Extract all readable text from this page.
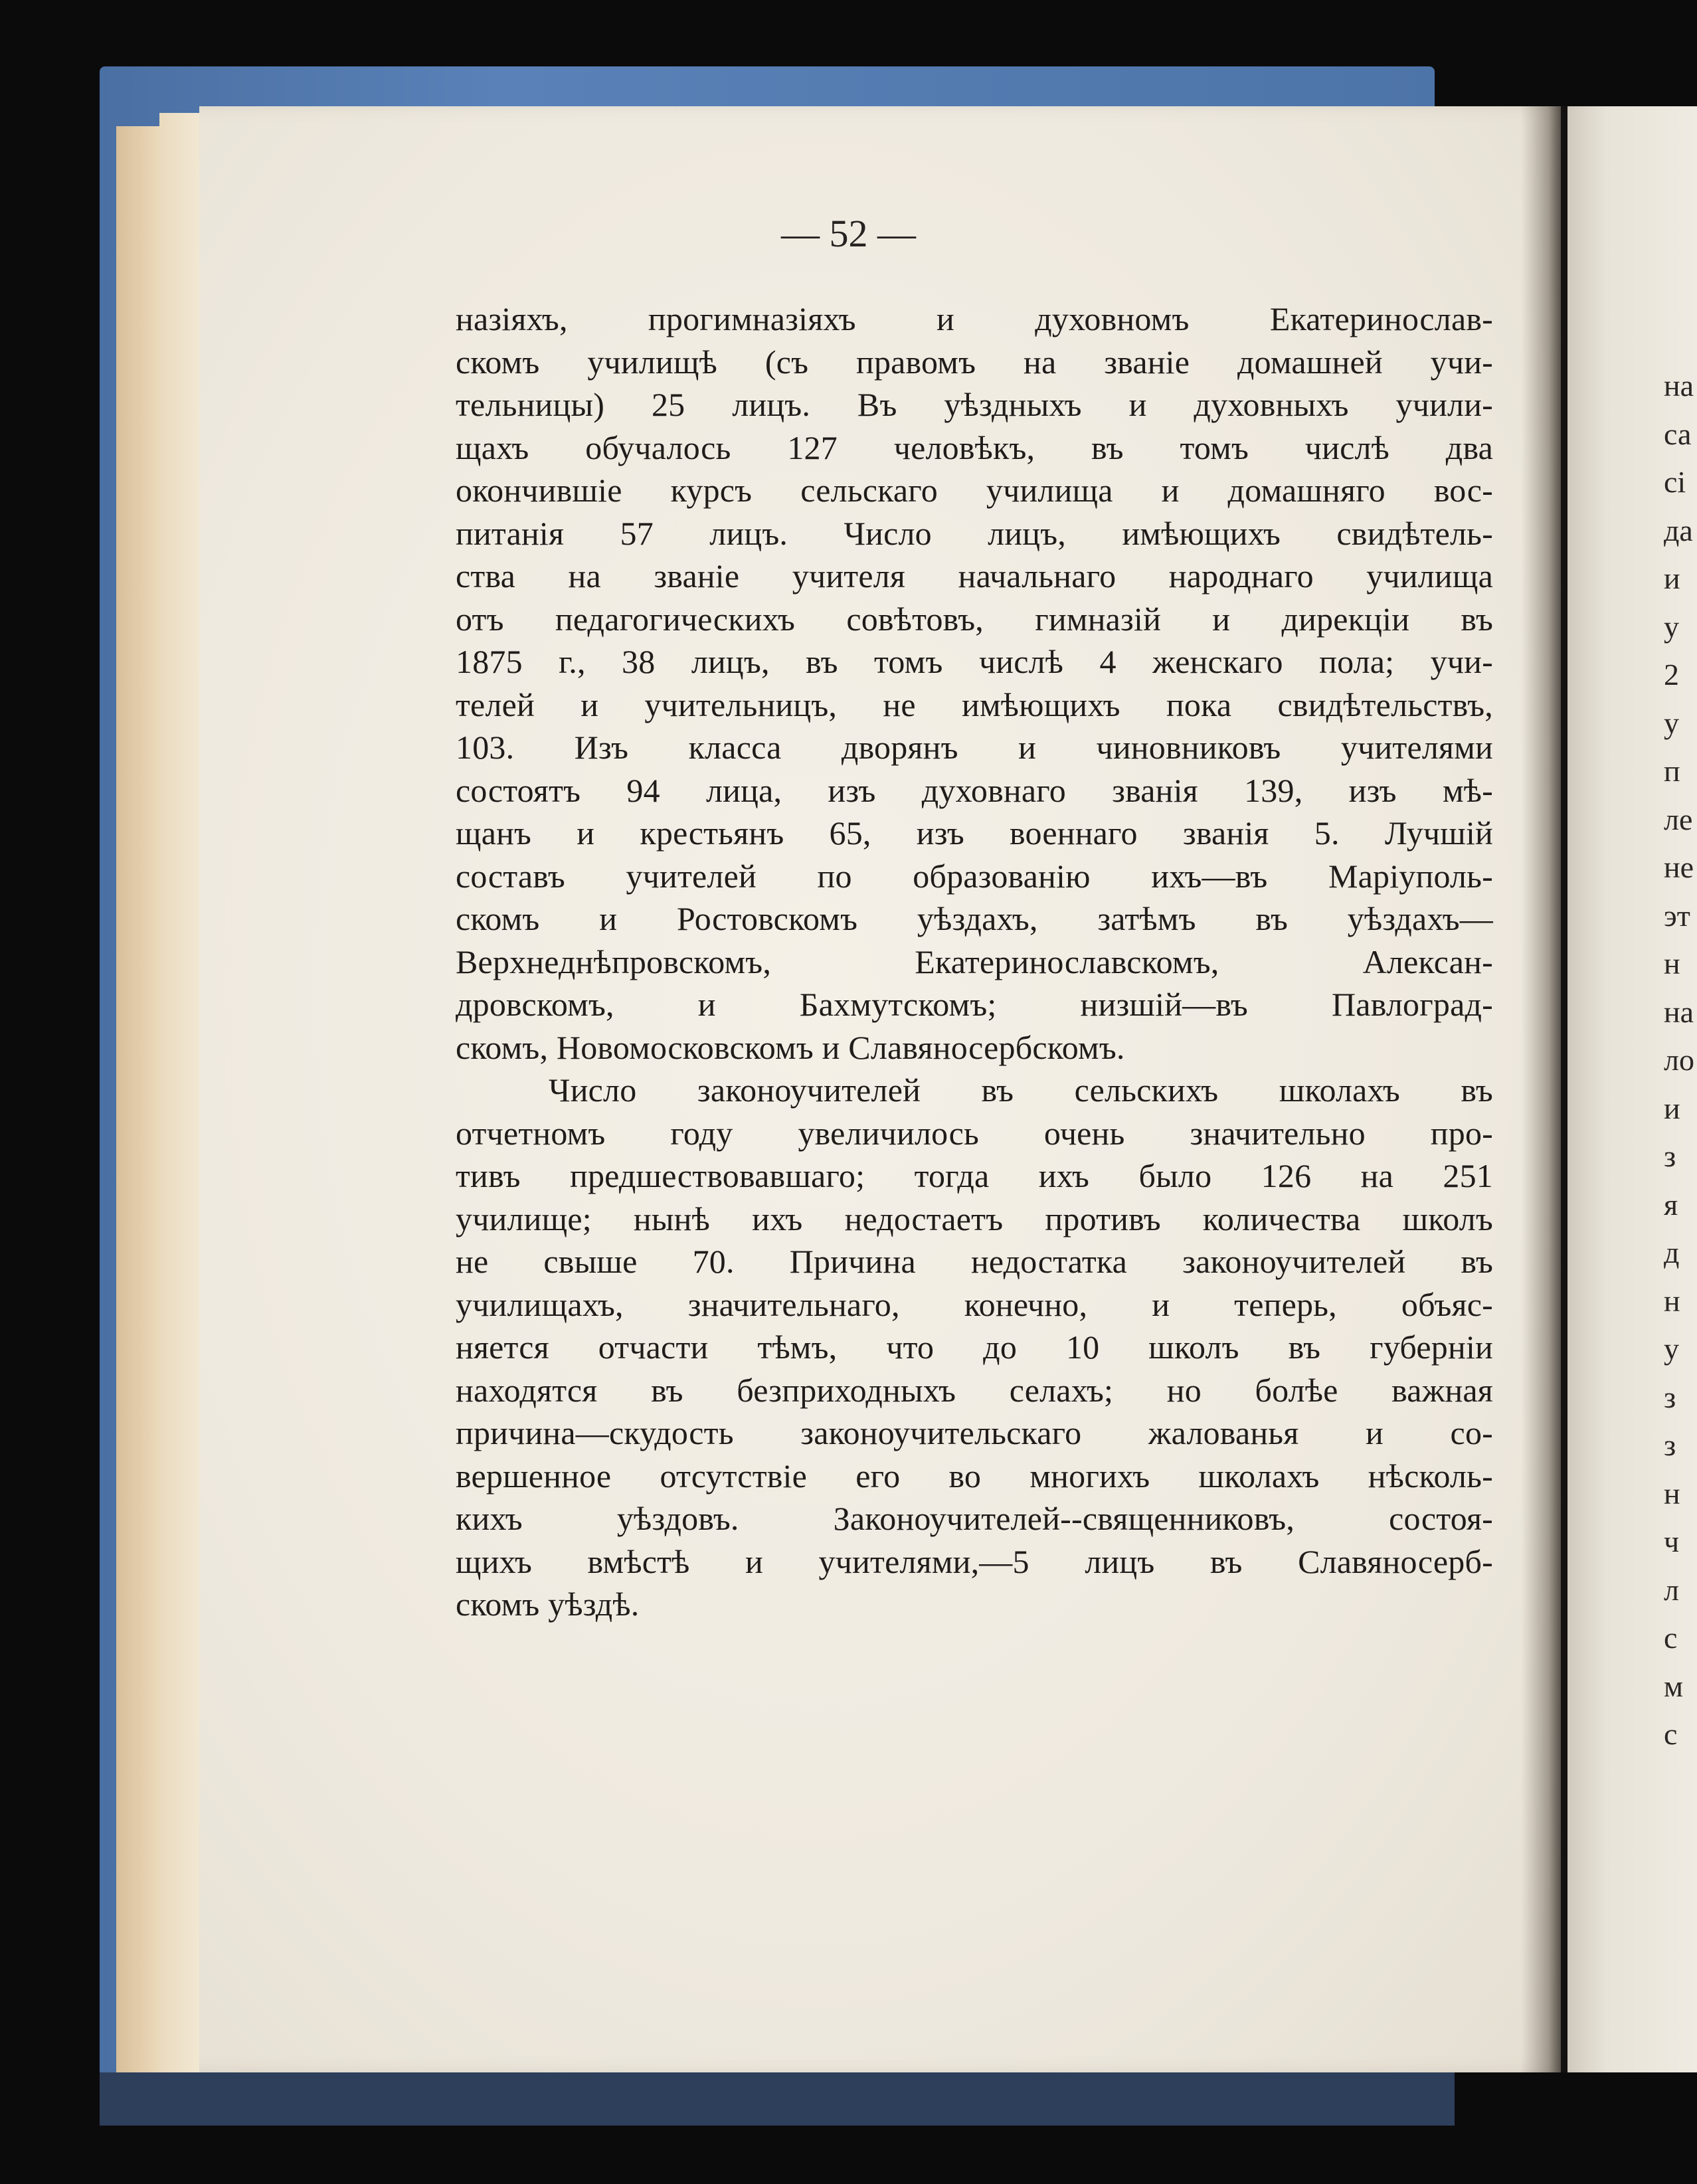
на
са
сі
да
и
у
2
у
п
ле
не
эт
н
на
ло
и
з
я
д
н
у
з
з
н
ч
л
с
м
с
— 52 —
назіяхъ, прогимназіяхъ и духовномъ Екатеринослав-
скомъ училищѣ (съ правомъ на званіе домашней учи-
тельницы) 25 лицъ. Въ уѣздныхъ и духовныхъ учили-
щахъ обучалось 127 человѣкъ, въ томъ числѣ два
окончившіе курсъ сельскаго училища и домашняго вос-
питанія 57 лицъ. Число лицъ, имѣющихъ свидѣтель-
ства на званіе учителя начальнаго народнаго училища
отъ педагогическихъ совѣтовъ, гимназій и дирекціи въ
1875 г., 38 лицъ, въ томъ числѣ 4 женскаго пола; учи-
телей и учительницъ, не имѣющихъ пока свидѣтельствъ,
103. Изъ класса дворянъ и чиновниковъ учителями
состоятъ 94 лица, изъ духовнаго званія 139, изъ мѣ-
щанъ и крестьянъ 65, изъ военнаго званія 5. Лучшій
составъ учителей по образованію ихъ—въ Маріуполь-
скомъ и Ростовскомъ уѣздахъ, затѣмъ въ уѣздахъ—
Верхнеднѣпровскомъ, Екатеринославскомъ, Алексан-
дровскомъ, и Бахмутскомъ; низшій—въ Павлоград-
скомъ, Новомосковскомъ и Славяносербскомъ.
Число законоучителей въ сельскихъ школахъ въ
отчетномъ году увеличилось очень значительно про-
тивъ предшествовавшаго; тогда ихъ было 126 на 251
училище; нынѣ ихъ недостаетъ противъ количества школъ
не свыше 70. Причина недостатка законоучителей въ
училищахъ, значительнаго, конечно, и теперь, объяс-
няется отчасти тѣмъ, что до 10 школъ въ губерніи
находятся въ безприходныхъ селахъ; но болѣе важная
причина—скудость законоучительскаго жалованья и со-
вершенное отсутствіе его во многихъ школахъ нѣсколь-
кихъ уѣздовъ. Законоучителей--священниковъ, состоя-
щихъ вмѣстѣ и учителями,—5 лицъ въ Славяносерб-
скомъ уѣздѣ.
